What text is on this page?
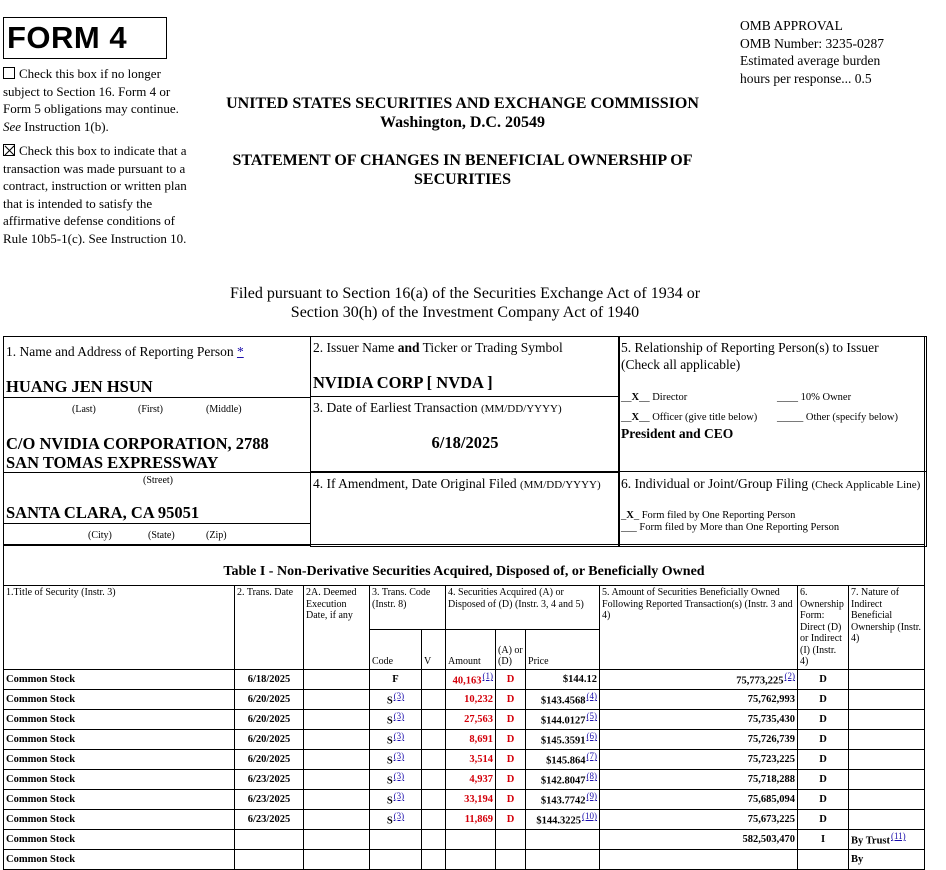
FORM 4
Check this box if no longer subject to Section 16. Form 4 or Form 5 obligations may continue. See Instruction 1(b).
Check this box to indicate that a transaction was made pursuant to a contract, instruction or written plan that is intended to satisfy the affirmative defense conditions of Rule 10b5-1(c). See Instruction 10.
OMB APPROVAL
OMB Number: 3235-0287
Estimated average burden
hours per response... 0.5
UNITED STATES SECURITIES AND EXCHANGE COMMISSION
Washington, D.C. 20549
STATEMENT OF CHANGES IN BENEFICIAL OWNERSHIP OF
SECURITIES
Filed pursuant to Section 16(a) of the Securities Exchange Act of 1934 or
Section 30(h) of the Investment Company Act of 1940
1. Name and Address of Reporting Person *
HUANG JEN HSUN
(Last)	(First)	(Middle)
C/O NVIDIA CORPORATION, 2788
SAN TOMAS EXPRESSWAY
(Street)
SANTA CLARA, CA 95051
(City)	(State)	(Zip)
2. Issuer Name and Ticker or Trading Symbol
NVIDIA CORP [ NVDA ]
3. Date of Earliest Transaction (MM/DD/YYYY)
6/18/2025
4. If Amendment, Date Original Filed (MM/DD/YYYY)
5. Relationship of Reporting Person(s) to Issuer
(Check all applicable)
__X__ Director	____ 10% Owner
__X__ Officer (give title below) _____ Other (specify below)
President and CEO
6. Individual or Joint/Group Filing (Check Applicable Line)
_X_ Form filed by One Reporting Person
___ Form filed by More than One Reporting Person
Table I - Non-Derivative Securities Acquired, Disposed of, or Beneficially Owned
1.Title of Security (Instr. 3)	2. Trans. Date	2A. Deemed Execution Date, if any	3. Trans. Code (Instr. 8)		4. Securities Acquired (A) or Disposed of (D) (Instr. 3, 4 and 5)			5. Amount of Securities Beneficially Owned Following Reported Transaction(s) (Instr. 3 and 4)	6. Ownership Form: Direct (D) or Indirect (I) (Instr. 4)	7. Nature of Indirect Beneficial Ownership (Instr. 4)
			Code	V	Amount	(A) or (D)	Price			

Common Stock	6/18/2025		F		40,163(1)	D	$144.12	75,773,225(2)	D	
Common Stock	6/20/2025		S(3)		10,232	D	$143.4568(4)	75,762,993	D	
Common Stock	6/20/2025		S(3)		27,563	D	$144.0127(5)	75,735,430	D	
Common Stock	6/20/2025		S(3)		8,691	D	$145.3591(6)	75,726,739	D	
Common Stock	6/20/2025		S(3)		3,514	D	$145.864(7)	75,723,225	D	
Common Stock	6/23/2025		S(3)		4,937	D	$142.8047(8)	75,718,288	D	
Common Stock	6/23/2025		S(3)		33,194	D	$143.7742(9)	75,685,094	D	
Common Stock	6/23/2025		S(3)		11,869	D	$144.3225(10)	75,673,225	D	
Common Stock								582,503,470	I	By Trust(11)
Common Stock										By
